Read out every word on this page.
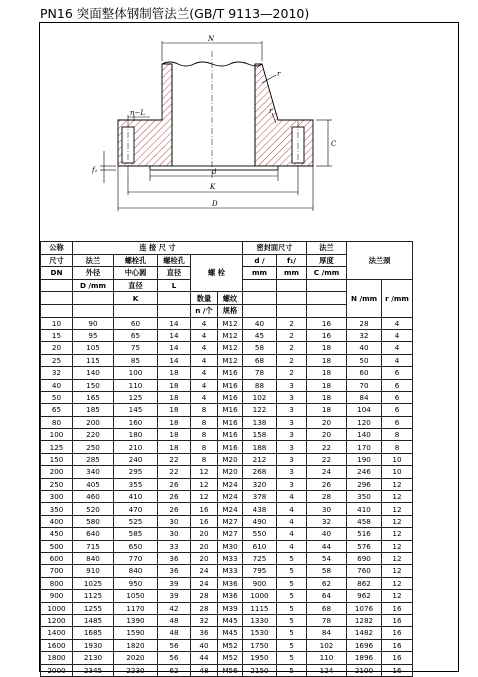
PN16 突面整体钢制管法兰(GB/T 9113—2010)
N
r
r
n−L
f₁
C
d
K
D
公称	连 接 尺 寸					密封面尺寸		法兰	法兰颈	
尺寸	法兰	螺栓孔	螺栓孔	螺 栓		d /	f₁/	厚度		
DN	外径	中心圆	直径			mm	mm	C /mm		
	D /mm	直径	L						N /mm	r /mm
		K		数量	螺纹					
				n /个	规格					
10	90	60	14	4	M12	40	2	16	28	4
15	95	65	14	4	M12	45	2	16	32	4
20	105	75	14	4	M12	58	2	18	40	4
25	115	85	14	4	M12	68	2	18	50	4
32	140	100	18	4	M16	78	2	18	60	6
40	150	110	18	4	M16	88	3	18	70	6
50	165	125	18	4	M16	102	3	18	84	6
65	185	145	18	8	M16	122	3	18	104	6
80	200	160	18	8	M16	138	3	20	120	6
100	220	180	18	8	M16	158	3	20	140	8
125	250	210	18	8	M16	188	3	22	170	8
150	285	240	22	8	M20	212	3	22	190	10
200	340	295	22	12	M20	268	3	24	246	10
250	405	355	26	12	M24	320	3	26	296	12
300	460	410	26	12	M24	378	4	28	350	12
350	520	470	26	16	M24	438	4	30	410	12
400	580	525	30	16	M27	490	4	32	458	12
450	640	585	30	20	M27	550	4	40	516	12
500	715	650	33	20	M30	610	4	44	576	12
600	840	770	36	20	M33	725	5	54	690	12
700	910	840	36	24	M33	795	5	58	760	12
800	1025	950	39	24	M36	900	5	62	862	12
900	1125	1050	39	28	M36	1000	5	64	962	12
1000	1255	1170	42	28	M39	1115	5	68	1076	16
1200	1485	1390	48	32	M45	1330	5	78	1282	16
1400	1685	1590	48	36	M45	1530	5	84	1482	16
1600	1930	1820	56	40	M52	1750	5	102	1696	16
1800	2130	2020	56	44	M52	1950	5	110	1896	16
2000	2345	2230	62	48	M56	2150	5	124	2100	16
